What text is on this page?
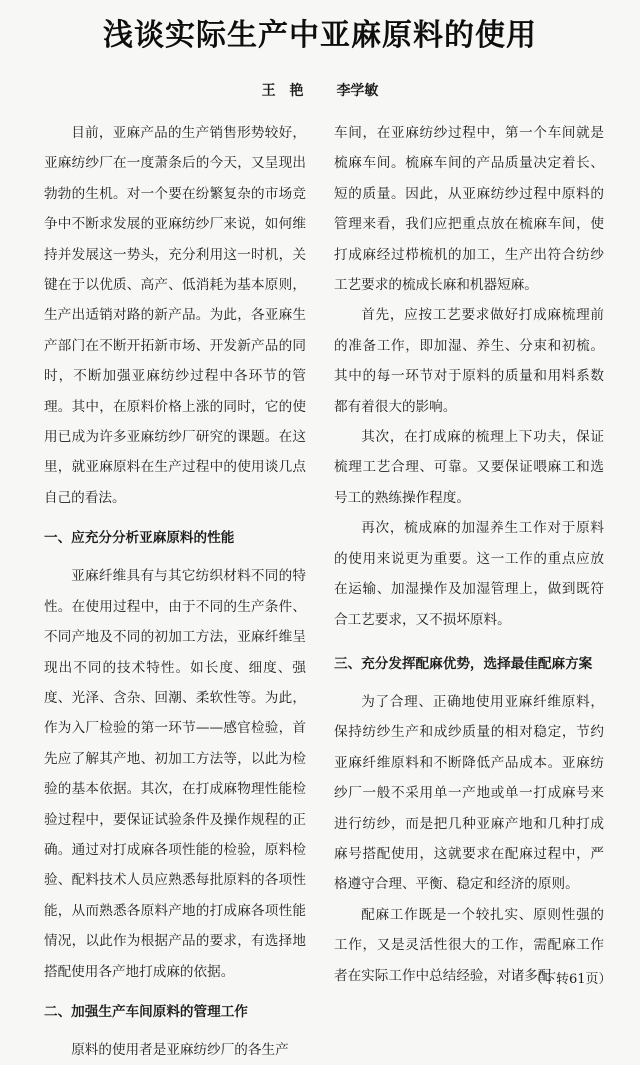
浅谈实际生产中亚麻原料的使用
王　艳 李学敏

目前，亚麻产品的生产销售形势较好，亚麻纺纱厂在一度萧条后的今天，又呈现出勃勃的生机。对一个要在纷繁复杂的市场竞争中不断求发展的亚麻纺纱厂来说，如何维持并发展这一势头，充分利用这一时机，关键在于以优质、高产、低消耗为基本原则，生产出适销对路的新产品。为此，各亚麻生产部门在不断开拓新市场、开发新产品的同时，不断加强亚麻纺纱过程中各环节的管理。其中，在原料价格上涨的同时，它的使用已成为许多亚麻纺纱厂研究的课题。在这里，就亚麻原料在生产过程中的使用谈几点自己的看法。

一、应充分分析亚麻原料的性能

亚麻纤维具有与其它纺织材料不同的特性。在使用过程中，由于不同的生产条件、不同产地及不同的初加工方法，亚麻纤维呈现出不同的技术特性。如长度、细度、强度、光泽、含杂、回潮、柔软性等。为此，作为入厂检验的第一环节——感官检验，首先应了解其产地、初加工方法等，以此为检验的基本依据。其次，在打成麻物理性能检验过程中，要保证试验条件及操作规程的正确。通过对打成麻各项性能的检验，原料检验、配料技术人员应熟悉每批原料的各项性能，从而熟悉各原料产地的打成麻各项性能情况，以此作为根据产品的要求，有选择地搭配使用各产地打成麻的依据。

二、加强生产车间原料的管理工作

原料的使用者是亚麻纺纱厂的各生产

车间，在亚麻纺纱过程中，第一个车间就是梳麻车间。梳麻车间的产品质量决定着长、短的质量。因此，从亚麻纺纱过程中原料的管理来看，我们应把重点放在梳麻车间，使打成麻经过栉梳机的加工，生产出符合纺纱工艺要求的梳成长麻和机器短麻。

首先，应按工艺要求做好打成麻梳理前的准备工作，即加湿、养生、分束和初梳。其中的每一环节对于原料的质量和用料系数都有着很大的影响。

其次，在打成麻的梳理上下功夫，保证梳理工艺合理、可靠。又要保证喂麻工和选号工的熟练操作程度。

再次，梳成麻的加湿养生工作对于原料的使用来说更为重要。这一工作的重点应放在运输、加湿操作及加湿管理上，做到既符合工艺要求，又不损坏原料。

三、充分发挥配麻优势，选择最佳配麻方案

为了合理、正确地使用亚麻纤维原料，保持纺纱生产和成纱质量的相对稳定，节约亚麻纤维原料和不断降低产品成本。亚麻纺纱厂一般不采用单一产地或单一打成麻号来进行纺纱，而是把几种亚麻产地和几种打成麻号搭配使用，这就要求在配麻过程中，严格遵守合理、平衡、稳定和经济的原则。

配麻工作既是一个较扎实、原则性强的工作，又是灵活性很大的工作，需配麻工作者在实际工作中总结经验，对诸多配

（下转61页）
